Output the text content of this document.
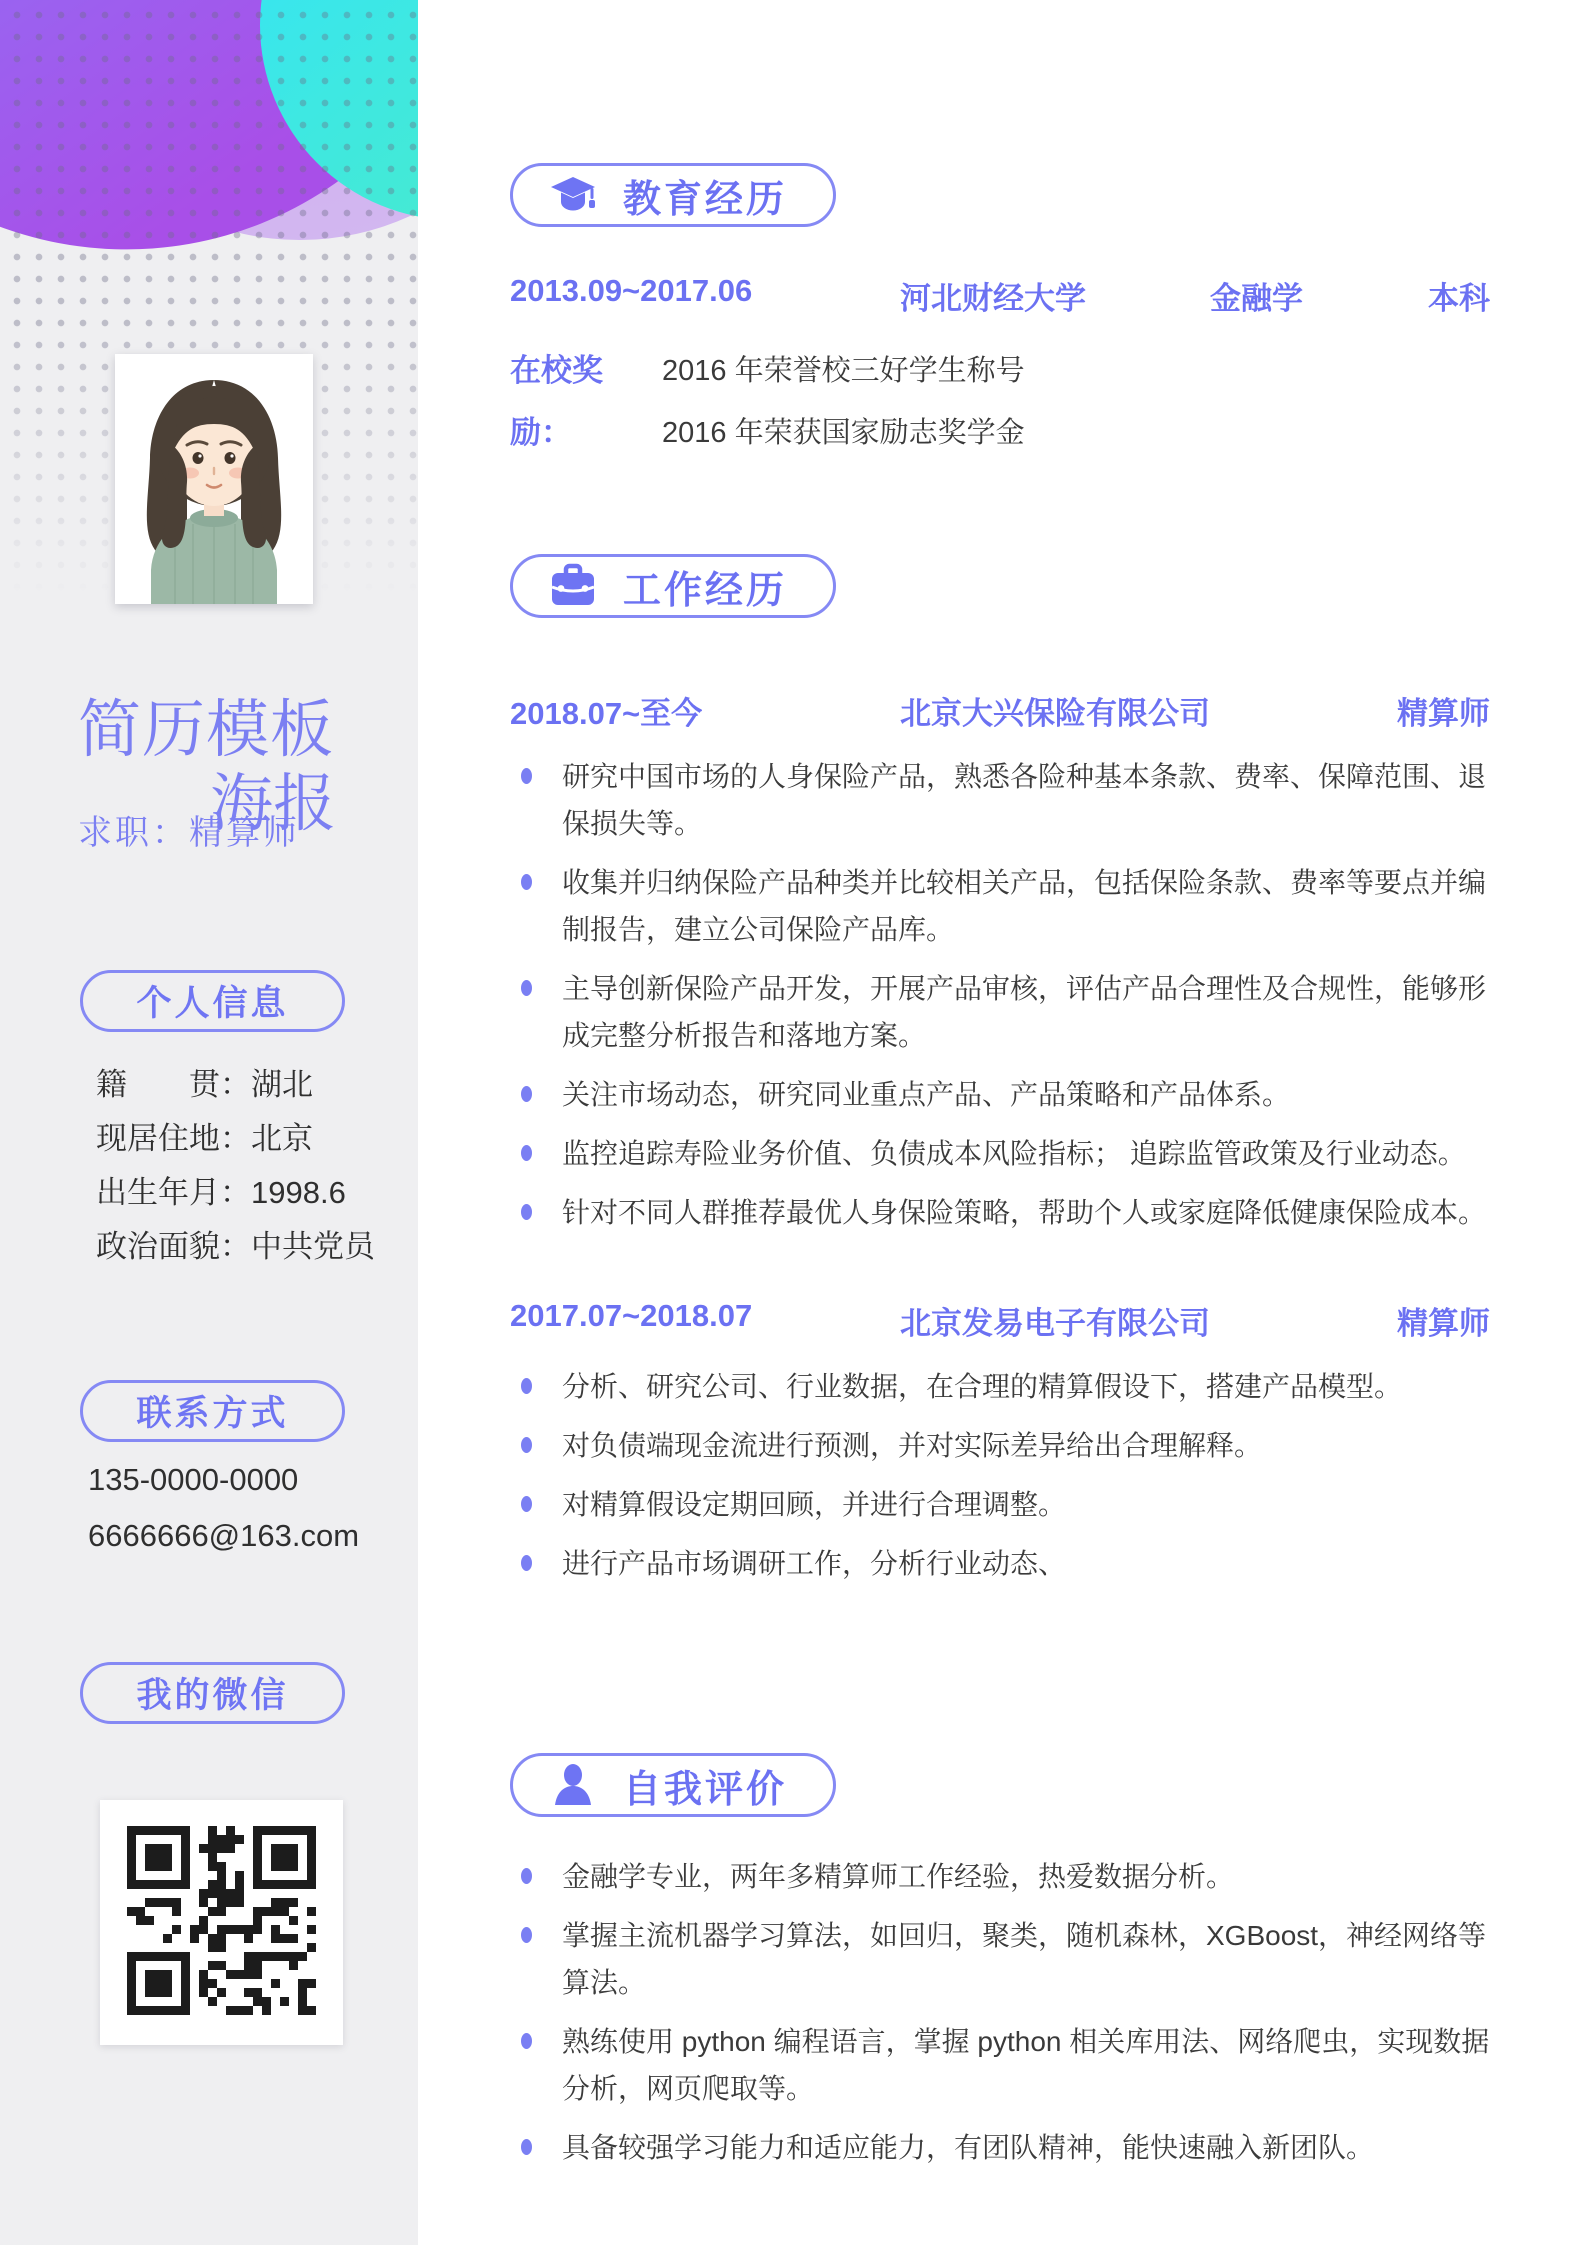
简历模板
海报
求职：精算师
个人信息
籍　　贯：湖北
现居住地：北京
出生年月：1998.6
政治面貌：中共党员
联系方式
135-0000-0000
6666666@163.com
我的微信
教育经历
2013.09~2017.06	河北财经大学	金融学	本科
在校奖励：
2016 年荣誉校三好学生称号
2016 年荣获国家励志奖学金
工作经历
2018.07~至今	北京大兴保险有限公司	精算师
研究中国市场的人身保险产品，熟悉各险种基本条款、费率、保障范围、退保损失等。
收集并归纳保险产品种类并比较相关产品，包括保险条款、费率等要点并编制报告，建立公司保险产品库。
主导创新保险产品开发，开展产品审核，评估产品合理性及合规性，能够形成完整分析报告和落地方案。
关注市场动态，研究同业重点产品、产品策略和产品体系。
监控追踪寿险业务价值、负债成本风险指标； 追踪监管政策及行业动态。
针对不同人群推荐最优人身保险策略，帮助个人或家庭降低健康保险成本。
2017.07~2018.07	北京发易电子有限公司	精算师
分析、研究公司、行业数据，在合理的精算假设下，搭建产品模型。
对负债端现金流进行预测，并对实际差异给出合理解释。
对精算假设定期回顾，并进行合理调整。
进行产品市场调研工作，分析行业动态、
自我评价
金融学专业，两年多精算师工作经验，热爱数据分析。
掌握主流机器学习算法，如回归，聚类，随机森林，XGBoost，神经网络等算法。
熟练使用 python 编程语言，掌握 python 相关库用法、网络爬虫，实现数据分析，网页爬取等。
具备较强学习能力和适应能力，有团队精神，能快速融入新团队。
